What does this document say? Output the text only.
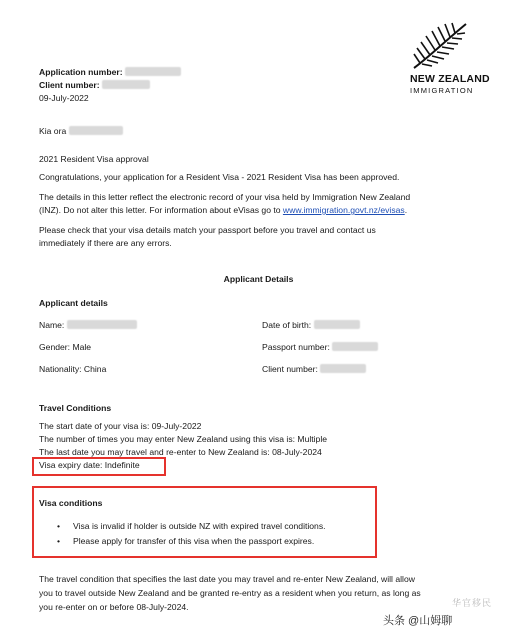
NEW ZEALAND
IMMIGRATION
Application number:
Client number:
09-July-2022
Kia ora
2021 Resident Visa approval
Congratulations, your application for a Resident Visa - 2021 Resident Visa has been approved.
The details in this letter reflect the electronic record of your visa held by Immigration New Zealand
(INZ). Do not alter this letter. For information about eVisas go to www.immigration.govt.nz/evisas.
Please check that your visa details match your passport before you travel and contact us
immediately if there are any errors.
Applicant Details
Applicant details
Name:	Date of birth:
Gender: Male	Passport number:
Nationality: China	Client number:
Travel Conditions
The start date of your visa is: 09-July-2022
The number of times you may enter New Zealand using this visa is: Multiple
The last date you may travel and re-enter to New Zealand is: 08-July-2024
Visa expiry date: Indefinite
Visa conditions
• Visa is invalid if holder is outside NZ with expired travel conditions.
• Please apply for transfer of this visa when the passport expires.
The travel condition that specifies the last date you may travel and re-enter New Zealand, will allow
you to travel outside New Zealand and be granted re-entry as a resident when you return, as long as
you re-enter on or before 08-July-2024.	华官移民
头条 @山姆聊
